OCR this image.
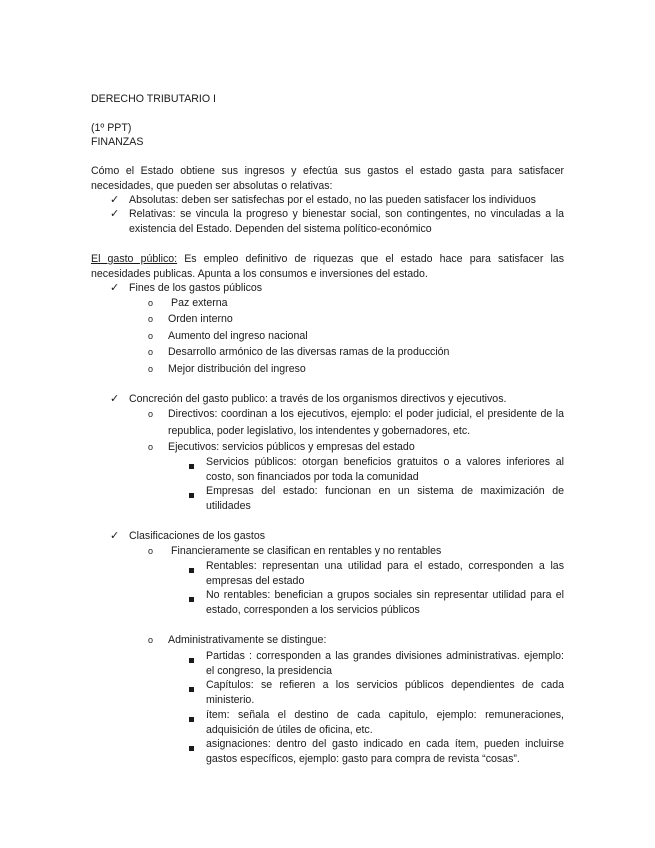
DERECHO TRIBUTARIO I
(1º PPT)
FINANZAS
Cómo el Estado obtiene sus ingresos y efectúa sus gastos el estado gasta para satisfacer
necesidades, que pueden ser absolutas o relativas:
✓ Absolutas: deben ser satisfechas por el estado, no las pueden satisfacer los individuos
✓ Relativas: se vincula la progreso y bienestar social, son contingentes, no vinculadas a la
existencia del Estado. Dependen del sistema político-económico
El gasto público: Es empleo definitivo de riquezas que el estado hace para satisfacer las
necesidades publicas. Apunta a los consumos e inversiones del estado.
✓ Fines de los gastos públicos
o Paz externa
o Orden interno
o Aumento del ingreso nacional
o Desarrollo armónico de las diversas ramas de la producción
o Mejor distribución del ingreso
✓ Concreción del gasto publico: a través de los organismos directivos y ejecutivos.
o Directivos: coordinan a los ejecutivos, ejemplo: el poder judicial, el presidente de la
republica, poder legislativo, los intendentes y gobernadores, etc.
o Ejecutivos: servicios públicos y empresas del estado
Servicios públicos: otorgan beneficios gratuitos o a valores inferiores al
costo, son financiados por toda la comunidad
Empresas del estado: funcionan en un sistema de maximización de
utilidades
✓ Clasificaciones de los gastos
o Financieramente se clasifican en rentables y no rentables
Rentables: representan una utilidad para el estado, corresponden a las
empresas del estado
No rentables: benefician a grupos sociales sin representar utilidad para el
estado, corresponden a los servicios públicos
o Administrativamente se distingue:
Partidas : corresponden a las grandes divisiones administrativas. ejemplo:
el congreso, la presidencia
Capítulos: se refieren a los servicios públicos dependientes de cada
ministerio.
ítem: señala el destino de cada capitulo, ejemplo: remuneraciones,
adquisición de útiles de oficina, etc.
asignaciones: dentro del gasto indicado en cada ítem, pueden incluirse
gastos específicos, ejemplo: gasto para compra de revista “cosas”.
